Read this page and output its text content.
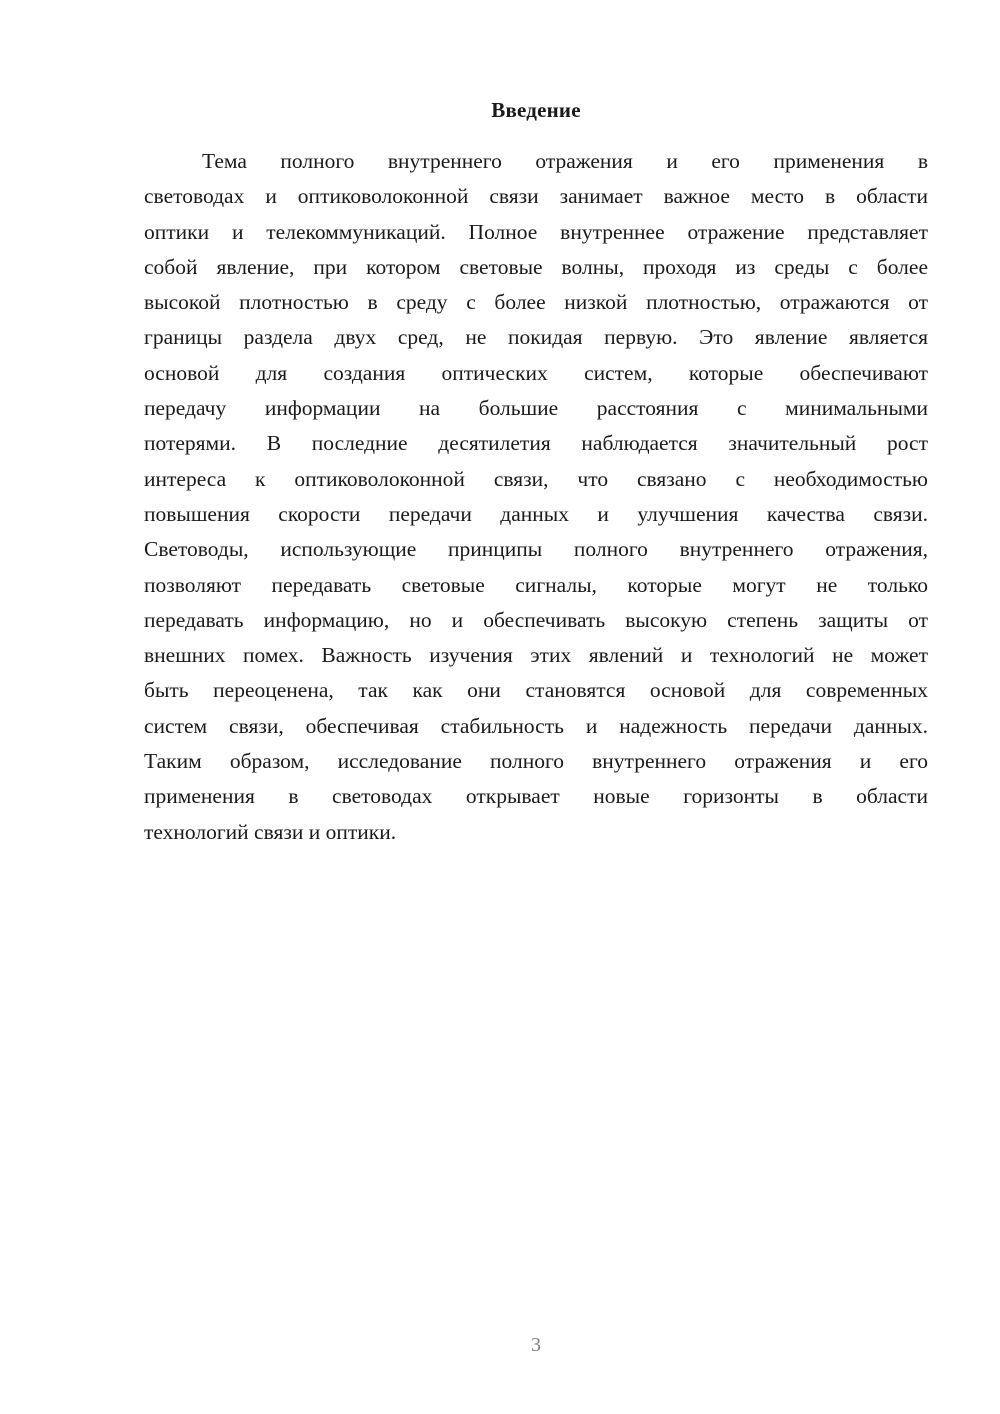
Введение
Тема полного внутреннего отражения и его применения в
световодах и оптиковолоконной связи занимает важное место в области
оптики и телекоммуникаций. Полное внутреннее отражение представляет
собой явление, при котором световые волны, проходя из среды с более
высокой плотностью в среду с более низкой плотностью, отражаются от
границы раздела двух сред, не покидая первую. Это явление является
основой для создания оптических систем, которые обеспечивают
передачу информации на большие расстояния с минимальными
потерями. В последние десятилетия наблюдается значительный рост
интереса к оптиковолоконной связи, что связано с необходимостью
повышения скорости передачи данных и улучшения качества связи.
Световоды, использующие принципы полного внутреннего отражения,
позволяют передавать световые сигналы, которые могут не только
передавать информацию, но и обеспечивать высокую степень защиты от
внешних помех. Важность изучения этих явлений и технологий не может
быть переоценена, так как они становятся основой для современных
систем связи, обеспечивая стабильность и надежность передачи данных.
Таким образом, исследование полного внутреннего отражения и его
применения в световодах открывает новые горизонты в области
технологий связи и оптики.
3
